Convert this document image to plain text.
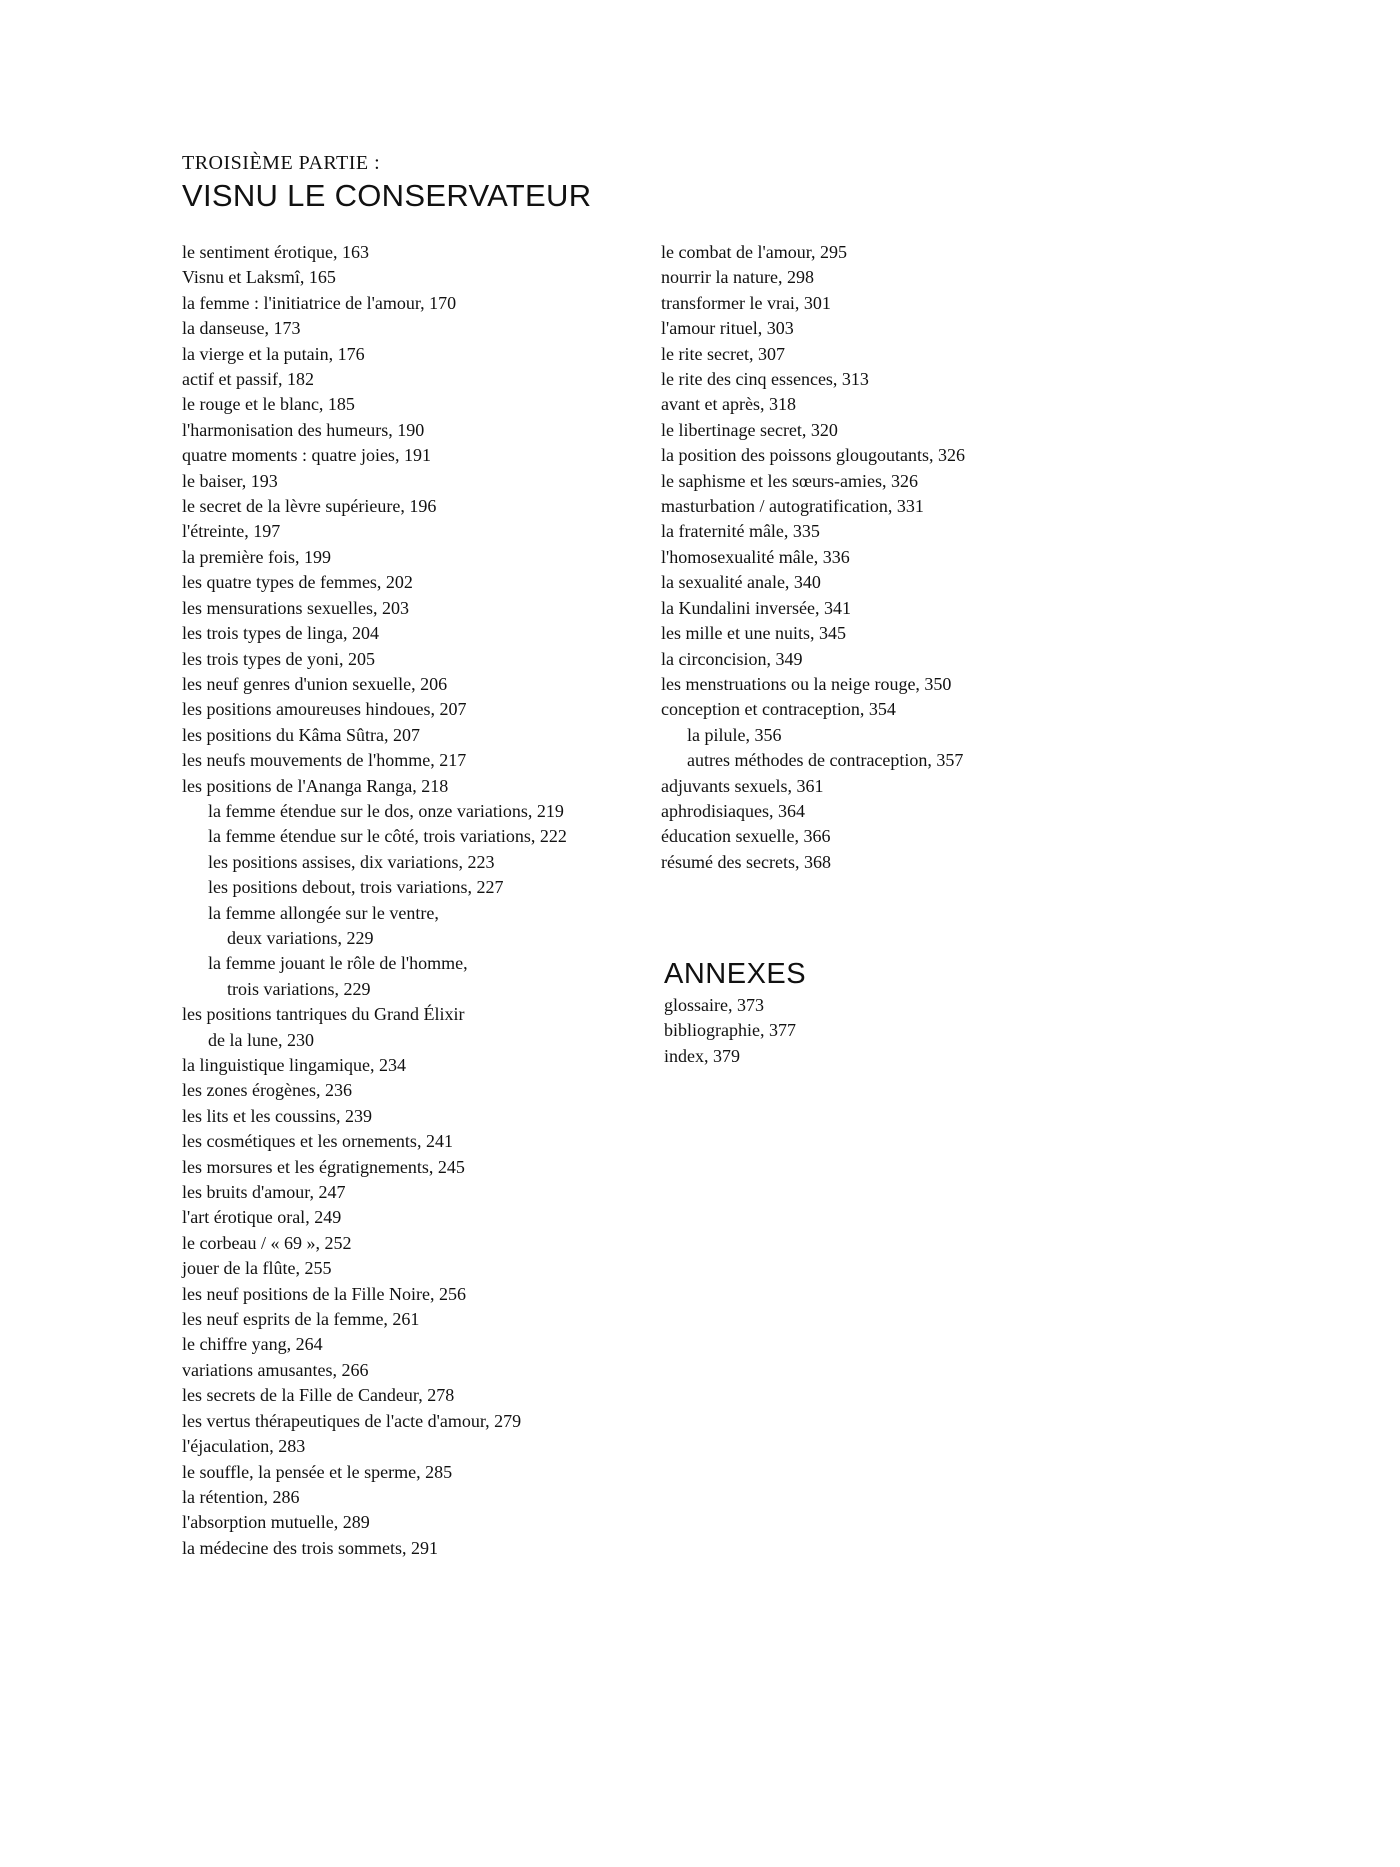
TROISIÈME PARTIE :
VISNU LE CONSERVATEUR
le sentiment érotique, 163
Visnu et Laksmî, 165
la femme : l'initiatrice de l'amour, 170
la danseuse, 173
la vierge et la putain, 176
actif et passif, 182
le rouge et le blanc, 185
l'harmonisation des humeurs, 190
quatre moments : quatre joies, 191
le baiser, 193
le secret de la lèvre supérieure, 196
l'étreinte, 197
la première fois, 199
les quatre types de femmes, 202
les mensurations sexuelles, 203
les trois types de linga, 204
les trois types de yoni, 205
les neuf genres d'union sexuelle, 206
les positions amoureuses hindoues, 207
les positions du Kâma Sûtra, 207
les neufs mouvements de l'homme, 217
les positions de l'Ananga Ranga, 218
la femme étendue sur le dos, onze variations, 219
la femme étendue sur le côté, trois variations, 222
les positions assises, dix variations, 223
les positions debout, trois variations, 227
la femme allongée sur le ventre,
deux variations, 229
la femme jouant le rôle de l'homme,
trois variations, 229
les positions tantriques du Grand Élixir
de la lune, 230
la linguistique lingamique, 234
les zones érogènes, 236
les lits et les coussins, 239
les cosmétiques et les ornements, 241
les morsures et les égratignements, 245
les bruits d'amour, 247
l'art érotique oral, 249
le corbeau / « 69 », 252
jouer de la flûte, 255
les neuf positions de la Fille Noire, 256
les neuf esprits de la femme, 261
le chiffre yang, 264
variations amusantes, 266
les secrets de la Fille de Candeur, 278
les vertus thérapeutiques de l'acte d'amour, 279
l'éjaculation, 283
le souffle, la pensée et le sperme, 285
la rétention, 286
l'absorption mutuelle, 289
la médecine des trois sommets, 291
le combat de l'amour, 295
nourrir la nature, 298
transformer le vrai, 301
l'amour rituel, 303
le rite secret, 307
le rite des cinq essences, 313
avant et après, 318
le libertinage secret, 320
la position des poissons glougoutants, 326
le saphisme et les sœurs-amies, 326
masturbation / autogratification, 331
la fraternité mâle, 335
l'homosexualité mâle, 336
la sexualité anale, 340
la Kundalini inversée, 341
les mille et une nuits, 345
la circoncision, 349
les menstruations ou la neige rouge, 350
conception et contraception, 354
la pilule, 356
autres méthodes de contraception, 357
adjuvants sexuels, 361
aphrodisiaques, 364
éducation sexuelle, 366
résumé des secrets, 368
ANNEXES
glossaire, 373
bibliographie, 377
index, 379
